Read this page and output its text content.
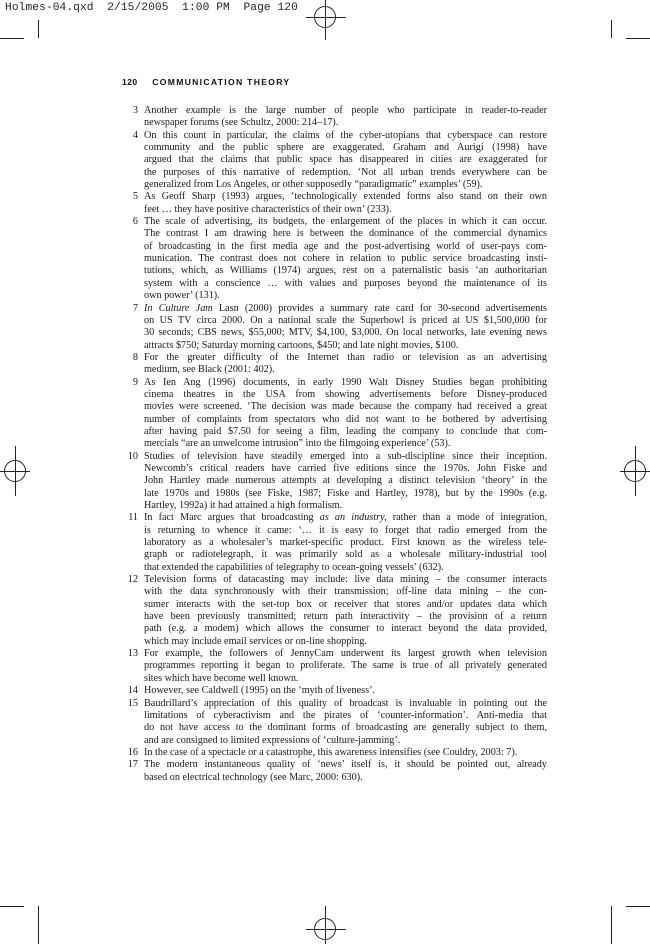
Holmes-04.qxd  2/15/2005  1:00 PM  Page 120
120 COMMUNICATION THEORY
3 Another example is the large number of people who participate in reader-to-reader
newspaper forums (see Schultz, 2000: 214–17).
4 On this count in particular, the claims of the cyber-utopians that cyberspace can restore
community and the public sphere are exaggerated. Graham and Aurigi (1998) have
argued that the claims that public space has disappeared in cities are exaggerated for
the purposes of this narrative of redemption. ‘Not all urban trends everywhere can be
generalized from Los Angeles, or other supposedly “paradigmatic” examples’ (59).
5 As Geoff Sharp (1993) argues, ‘technologically extended forms also stand on their own
feet … they have positive characteristics of their own’ (233).
6 The scale of advertising, its budgets, the enlargement of the places in which it can occur.
The contrast I am drawing here is between the dominance of the commercial dynamics
of broadcasting in the first media age and the post-advertising world of user-pays com-
munication. The contrast does not cohere in relation to public service broadcasting insti-
tutions, which, as Williams (1974) argues, rest on a paternalistic basis ‘an authoritarian
system with a conscience … with values and purposes beyond the maintenance of its
own power’ (131).
7 In Culture Jam Lasn (2000) provides a summary rate card for 30-second advertisements
on US TV circa 2000. On a national scale the Superbowl is priced at US $1,500,000 for
30 seconds; CBS news, $55,000; MTV, $4,100, $3,000. On local networks, late evening news
attracts $750; Saturday morning cartoons, $450; and late night movies, $100.
8 For the greater difficulty of the Internet than radio or television as an advertising
medium, see Black (2001: 402).
9 As Ien Ang (1996) documents, in early 1990 Walt Disney Studies began prohibiting
cinema theatres in the USA from showing advertisements before Disney-produced
movies were screened. ‘The decision was made because the company had received a great
number of complaints from spectators who did not want to be bothered by advertising
after having paid $7.50 for seeing a film, leading the company to conclude that com-
mercials “are an unwelcome intrusion” into the filmgoing experience’ (53).
10 Studies of television have steadily emerged into a sub-discipline since their inception.
Newcomb’s critical readers have carried five editions since the 1970s. John Fiske and
John Hartley made numerous attempts at developing a distinct television ‘theory’ in the
late 1970s and 1980s (see Fiske, 1987; Fiske and Hartley, 1978), but by the 1990s (e.g.
Hartley, 1992a) it had attained a high formalism.
11 In fact Marc argues that broadcasting as an industry, rather than a mode of integration,
is returning to whence it came: ‘… it is easy to forget that radio emerged from the
laboratory as a wholesaler’s market-specific product. First known as the wireless tele-
graph or radiotelegraph, it was primarily sold as a wholesale military-industrial tool
that extended the capabilities of telegraphy to ocean-going vessels’ (632).
12 Television forms of datacasting may include: live data mining – the consumer interacts
with the data synchronously with their transmission; off-line data mining – the con-
sumer interacts with the set-top box or receiver that stores and/or updates data which
have been previously transmitted; return path interactivity – the provision of a return
path (e.g. a modem) which allows the consumer to interact beyond the data provided,
which may include email services or on-line shopping.
13 For example, the followers of JennyCam underwent its largest growth when television
programmes reporting it began to proliferate. The same is true of all privately generated
sites which have become well known.
14 However, see Caldwell (1995) on the ‘myth of liveness’.
15 Baudrillard’s appreciation of this quality of broadcast is invaluable in pointing out the
limitations of cyberactivism and the pirates of ‘counter-information’. Anti-media that
do not have access to the dominant forms of broadcasting are generally subject to them,
and are consigned to limited expressions of ‘culture-jamming’.
16 In the case of a spectacle or a catastrophe, this awareness intensifies (see Couldry, 2003: 7).
17 The modern instantaneous quality of ‘news’ itself is, it should be pointed out, already
based on electrical technology (see Marc, 2000: 630).
